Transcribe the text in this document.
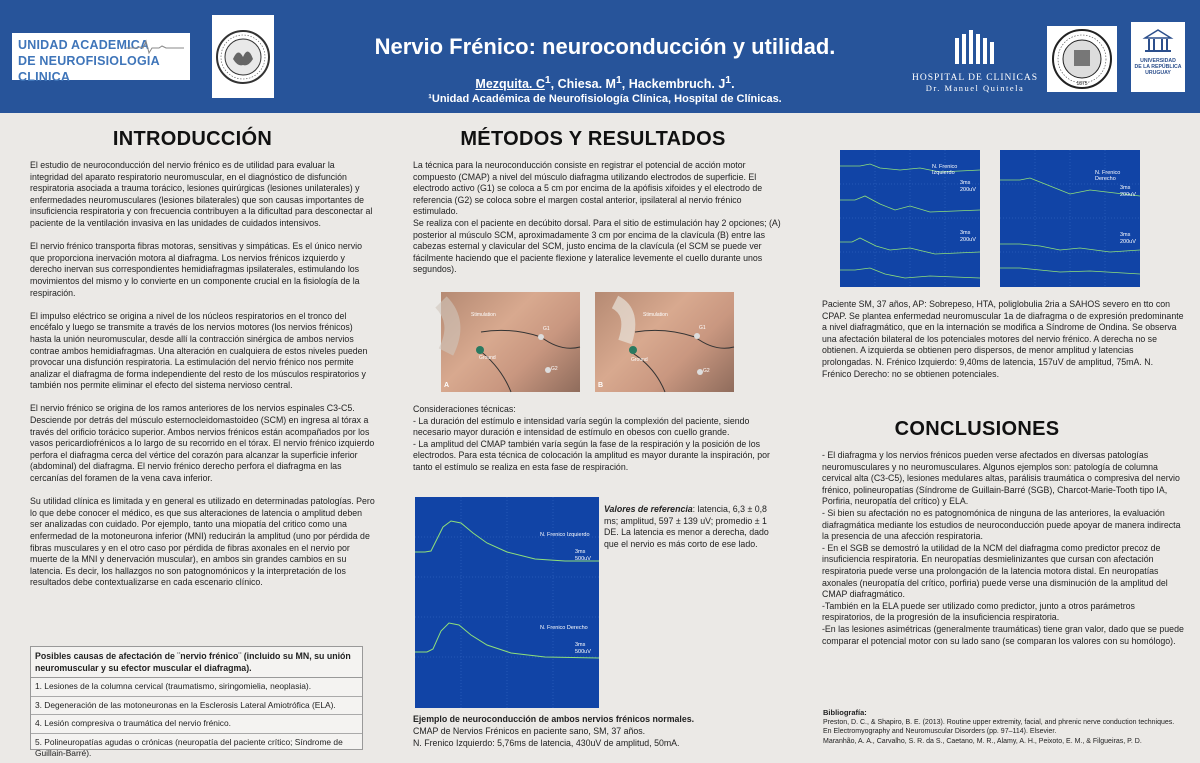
UNIDAD ACADEMICA
DE NEUROFISIOLOGIA CLINICA
Nervio Frénico: neuroconducción y utilidad.
Mezquita. $C^1$, Chiesa. $M^1$, Hackembruch. $J^1$.
¹Unidad Académica de Neurofisiología Clínica, Hospital de Clínicas.
HOSPITAL DE CLINICAS
Dr. Manuel Quintela	1875
UNIVERSIDAD
DE LA REPÚBLICA
URUGUAY
INTRODUCCIÓN

El estudio de neuroconducción del nervio frénico es de utilidad para evaluar la integridad del aparato respiratorio neuromuscular, en el diagnóstico de disfunción respiratoria asociada a trauma torácico, lesiones quirúrgicas (lesiones unilaterales) y enfermedades neuromusculares (lesiones bilaterales) que son causas importantes de insuficiencia respiratoria y con frecuencia contribuyen a la dificultad para desconectar al paciente de la ventilación invasiva en las unidades de cuidados intensivos.

El nervio frénico transporta fibras motoras, sensitivas y simpáticas. Es el único nervio que proporciona inervación motora al diafragma. Los nervios frénicos izquierdo y derecho inervan sus correspondientes hemidiafragmas ipsilaterales, estimulando los movimientos del mismo y lo convierte en un componente crucial en la fisiología de la respiración.

El impulso eléctrico se origina a nivel de los núcleos respiratorios en el tronco del encéfalo y luego se transmite a través de los nervios motores (los nervios frénicos) hasta la unión neuromuscular, desde allí la contracción sinérgica de ambos nervios contrae ambos hemidiafragmas. Una alteración en cualquiera de estos niveles pueden provocar una disfunción respiratoria. La estimulación del nervio frénico nos permite analizar el diafragma de forma independiente del resto de los músculos respiratorios y también nos permite eliminar el efecto del sistema nervioso central.

El nervio frénico se origina de los ramos anteriores de los nervios espinales C3-C5. Desciende por detrás del músculo esternocleidomastoideo (SCM) en ingresa al tórax a través del orificio torácico superior. Ambos nervios frénicos están acompañados por los vasos pericardiofrénicos a lo largo de su recorrido en el tórax. El nervio frénico izquierdo perfora el diafragma cerca del vértice del corazón para alcanzar la superficie inferior (abdominal) del diafragma. El nervio frénico derecho perfora el diafragma en las cercanías del foramen de la vena cava inferior.

Su utilidad clínica es limitada y en general es utilizado en determinadas patologías. Pero lo que debe conocer el médico, es que sus alteraciones de latencia o amplitud deben ser analizadas con cuidado. Por ejemplo, tanto una miopatía del critico como una enfermedad de la motoneurona inferior (MNI) reducirán la amplitud (uno por pérdida de fibras musculares y en el otro caso por pérdida de fibras axonales en el nervio por muerte de la MNI y denervación muscular), en ambos sin grandes cambios en su latencia. Es decir, los hallazgos no son patognomónicos y la interpretación de los resultados debe contextualizarse en cada escenario clínico.

Posibles causas de afectación de ¨nervio frénico¨ (incluido su MN, su unión neuromuscular y su efector muscular el diafragma).
1. Lesiones de la columna cervical (traumatismo, siringomielia, neoplasia).
3. Degeneración de las motoneuronas en la Esclerosis Lateral Amiotrófica (ELA).
4. Lesión compresiva o traumática del nervio frénico.
5. Polineuropatías agudas o crónicas (neuropatía del paciente crítico; Síndrome de Guillain-Barré).
MÉTODOS Y RESULTADOS
La técnica para la neuroconducción consiste en registrar el potencial de acción motor compuesto (CMAP) a nivel del músculo diafragma utilizando electrodos de superficie. El electrodo activo (G1) se coloca a 5 cm por encima de la apófisis xifoides y el electrodo de referencia (G2) se coloca sobre el margen costal anterior, ipsilateral al nervio frénico estimulado.
Se realiza con el paciente en decúbito dorsal. Para el sitio de estimulación hay 2 opciones; (A) posterior al músculo SCM, aproximadamente 3 cm por encima de la clavícula (B) entre las cabezas esternal y clavicular del SCM, justo encima de la clavícula (el SCM se puede ver fácilmente haciendo que el paciente flexione y lateralice levemente el cuello durante unos segundos).
Stimulation
G1
Ground
G2
A
Stimulation
G1
Ground
G2
B
Consideraciones técnicas:
- La duración del estímulo e intensidad varía según la complexión del paciente, siendo necesario mayor duración e intensidad de estímulo en obesos con cuello grande.
- La amplitud del CMAP también varía según la fase de la respiración y la posición de los electrodos. Para esta técnica de colocación la amplitud es mayor durante la inspiración, por tanto el estímulo se realiza en esta fase de respiración.
N. Frenico Izquierdo
3ms
500uV
N. Frenico Derecho
3ms
500uV
Valores de referencia: latencia, 6,3 ± 0,8 ms; amplitud, 597 ± 139 uV; promedio ± 1 DE. La latencia es menor a derecha, dado que el nervio es más corto de ese lado.
Ejemplo de neuroconducción de ambos nervios frénicos normales.
CMAP de Nervios Frénicos en paciente sano, SM, 37 años.
N. Frenico Izquierdo: 5,76ms de latencia, 430uV de amplitud, 50mA.
N. Frenico Izquierdo
3ms
200uV
3ms
200uV
N. Frenico Derecho
3ms
200uV
3ms
200uV
Paciente SM, 37 años, AP: Sobrepeso, HTA, poliglobulia 2ria a SAHOS severo en tto con CPAP. Se plantea enfermedad neuromuscular 1a de diafragma o de expresión predominante a nivel diafragmático, que en la internación se modifica a Síndrome de Ondina. Se observa una afectación bilateral de los potenciales motores del nervio frénico. A derecha no se obtienen. A izquierda se obtienen pero dispersos, de menor amplitud y latencias prolongadas. N. Frénico Izquierdo: 9,40ms de latencia, 157uV de amplitud, 75mA. N. Frénico Derecho: no se obtienen potenciales.
CONCLUSIONES
- El diafragma y los nervios frénicos pueden verse afectados en diversas patologías neuromusculares y no neuromusculares. Algunos ejemplos son: patología de columna cervical alta (C3-C5), lesiones medulares altas, parálisis traumática o compresiva del nervio frénico, polineuropatías (Síndrome de Guillain-Barré (SGB), Charcot-Marie-Tooth tipo IA, Porfiria, neuropatía del crítico) y ELA.
- Si bien su afectación no es patognomónica de ninguna de las anteriores, la evaluación diafragmática mediante los estudios de neuroconducción puede apoyar de manera indirecta la presencia de una afección respiratoria.
- En el SGB se demostró la utilidad de la NCM del diafragma como predictor precoz de insuficiencia respiratoria. En neuropatías desmielinizantes que cursan con afectación respiratoria puede verse una prolongación de la latencia motora distal. En neuropatías axonales (neuropatía del crítico, porfiria) puede verse una disminución de la amplitud del CMAP diafragmático.
-También en la ELA puede ser utilizado como predictor, junto a otros parámetros respiratorios, de la progresión de la insuficiencia respiratoria.
-En las lesiones asimétricas (generalmente traumáticas) tiene gran valor, dado que se puede comparar el potencial motor con su lado sano (se comparan los valores con su homólogo).
Bibliografía:
Preston, D. C., & Shapiro, B. E. (2013). Routine upper extremity, facial, and phrenic nerve conduction techniques. En Electromyography and Neuromuscular Disorders (pp. 97–114). Elsevier.
Maranhão, A. A., Carvalho, S. R. da S., Caetano, M. R., Alamy, A. H., Peixoto, E. M., & Filgueiras, P. D.
